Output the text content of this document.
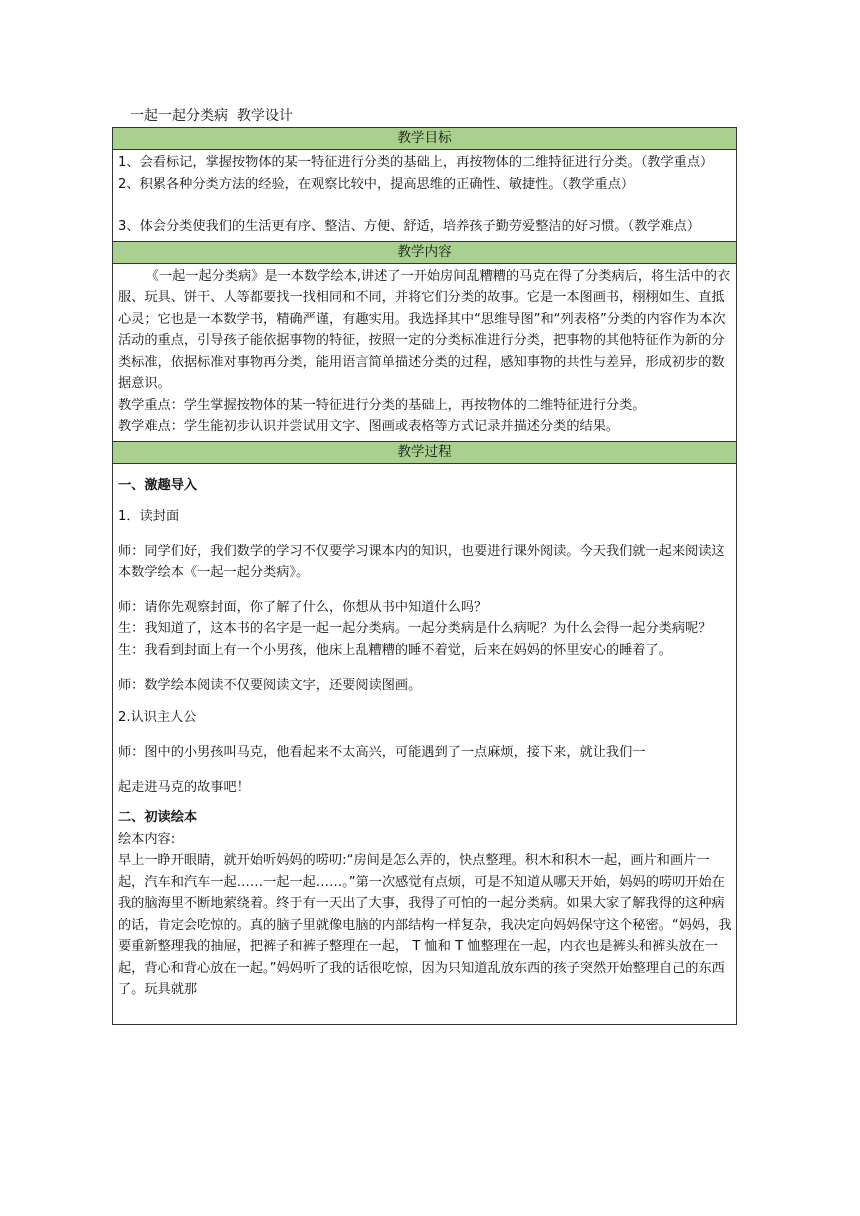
一起一起分类病  教学设计
教学目标

1、会看标记，掌握按物体的某一特征进行分类的基础上，再按物体的二维特征进行分类。（教学重点）

2、积累各种分类方法的经验，在观察比较中，提高思维的正确性、敏捷性。（教学重点）

3、体会分类使我们的生活更有序、整洁、方便、舒适，培养孩子勤劳爱整洁的好习惯。（教学难点）

教学内容

《一起一起分类病》是一本数学绘本,讲述了一开始房间乱糟糟的马克在得了分类病后，将生活中的衣服、玩具、饼干、人等都要找一找相同和不同，并将它们分类的故事。它是一本图画书，栩栩如生、直抵心灵；它也是一本数学书，精确严谨，有趣实用。我选择其中“思维导图”和“列表格”分类的内容作为本次活动的重点，引导孩子能依据事物的特征，按照一定的分类标准进行分类，把事物的其他特征作为新的分类标准，依据标准对事物再分类，能用语言简单描述分类的过程，感知事物的共性与差异，形成初步的数据意识。

教学重点：学生掌握按物体的某一特征进行分类的基础上，再按物体的二维特征进行分类。

教学难点：学生能初步认识并尝试用文字、图画或表格等方式记录并描述分类的结果。

教学过程

一、激趣导入

1．读封面

师：同学们好，我们数学的学习不仅要学习课本内的知识，也要进行课外阅读。今天我们就一起来阅读这本数学绘本《一起一起分类病》。

师：请你先观察封面，你了解了什么，你想从书中知道什么吗？

生：我知道了，这本书的名字是一起一起分类病。一起分类病是什么病呢？为什么会得一起分类病呢？

生：我看到封面上有一个小男孩，他床上乱糟糟的睡不着觉，后来在妈妈的怀里安心的睡着了。

师：数学绘本阅读不仅要阅读文字，还要阅读图画。

2.认识主人公

师：图中的小男孩叫马克，他看起来不太高兴，可能遇到了一点麻烦，接下来，就让我们一

起走进马克的故事吧！

二、初读绘本

绘本内容:

早上一睁开眼睛，就开始听妈妈的唠叨:“房间是怎么弄的，快点整理。积木和积木一起，画片和画片一起，汽车和汽车一起……一起一起……。”第一次感觉有点烦，可是不知道从哪天开始，妈妈的唠叨开始在我的脑海里不断地萦绕着。终于有一天出了大事，我得了可怕的一起分类病。如果大家了解我得的这种病的话，肯定会吃惊的。真的脑子里就像电脑的内部结构一样复杂，我决定向妈妈保守这个秘密。“妈妈，我要重新整理我的抽屉，把裤子和裤子整理在一起， T 恤和 T 恤整理在一起，内衣也是裤头和裤头放在一起，背心和背心放在一起。”妈妈听了我的话很吃惊，因为只知道乱放东西的孩子突然开始整理自己的东西了。玩具就那
